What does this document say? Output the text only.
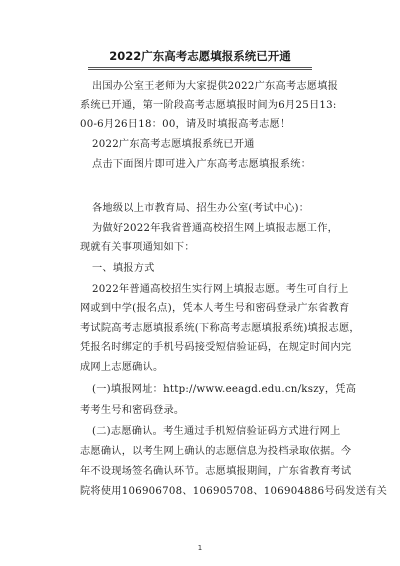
2022广东高考志愿填报系统已开通
出国办公室王老师为大家提供2022广东高考志愿填报
系统已开通，第一阶段高考志愿填报时间为6月25日13:
00-6月26日18：00，请及时填报高考志愿！
2022广东高考志愿填报系统已开通
点击下面图片即可进入广东高考志愿填报系统：
各地级以上市教育局、招生办公室(考试中心)：
为做好2022年我省普通高校招生网上填报志愿工作，
现就有关事项通知如下：
一、填报方式
2022年普通高校招生实行网上填报志愿。考生可自行上
网或到中学(报名点)，凭本人考生号和密码登录广东省教育
考试院高考志愿填报系统(下称高考志愿填报系统)填报志愿，
凭报名时绑定的手机号码接受短信验证码，在规定时间内完
成网上志愿确认。
(一)填报网址：http://www.eeagd.edu.cn/kszy，凭高
考考生号和密码登录。
(二)志愿确认。考生通过手机短信验证码方式进行网上
志愿确认，以考生网上确认的志愿信息为投档录取依据。今
年不设现场签名确认环节。志愿填报期间，广东省教育考试
院将使用106906708、106905708、106904886号码发送有关
1
